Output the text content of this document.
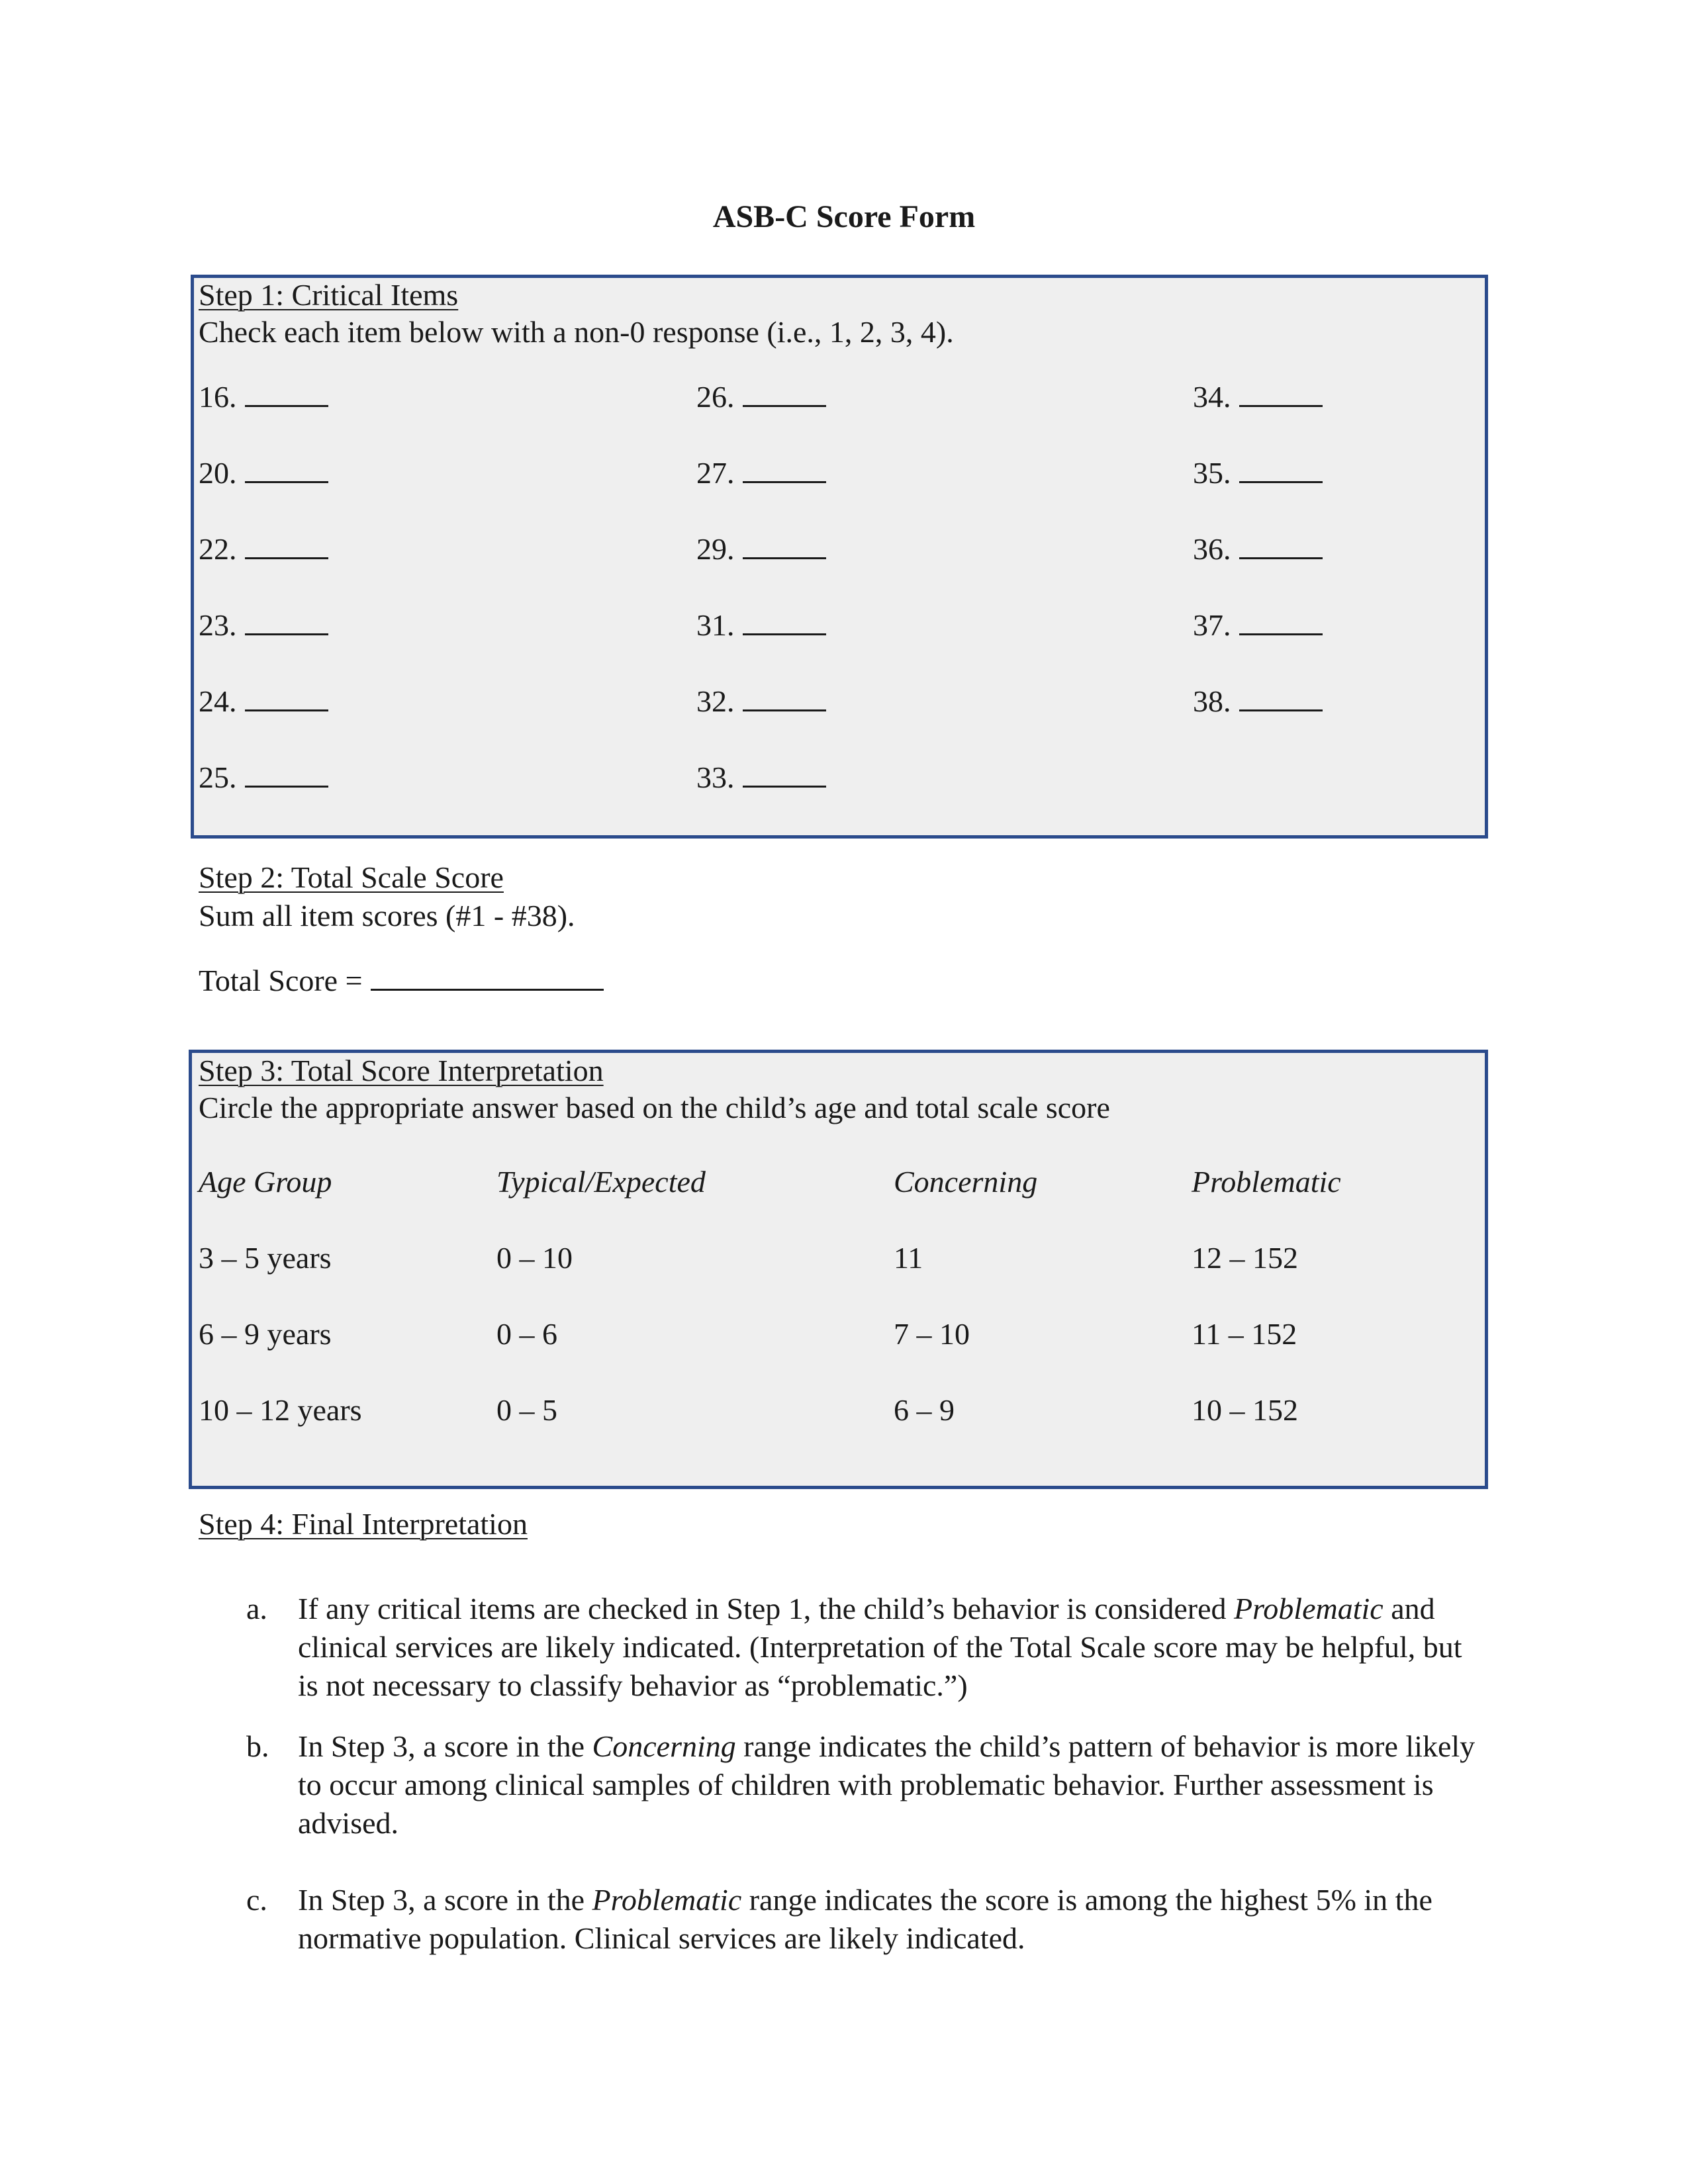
ASB-C Score Form
Step 1: Critical Items
Check each item below with a non-0 response (i.e., 1, 2, 3, 4).
16.
20.
22.
23.
24.
25.
26.
27.
29.
31.
32.
33.
34.
35.
36.
37.
38.
Step 2: Total Scale Score
Sum all item scores (#1 - #38).
Total Score =
Step 3: Total Score Interpretation
Circle the appropriate answer based on the child’s age and total scale score
Age Group	Typical/Expected	Concerning	Problematic
3 – 5 years	0 – 10	11	12 – 152
6 – 9 years	0 – 6	7 – 10	11 – 152
10 – 12 years	0 – 5	6 – 9	10 – 152
Step 4: Final Interpretation
a. If any critical items are checked in Step 1, the child’s behavior is considered Problematic and clinical services are likely indicated. (Interpretation of the Total Scale score may be helpful, but is not necessary to classify behavior as “problematic.”)
b. In Step 3, a score in the Concerning range indicates the child’s pattern of behavior is more likely to occur among clinical samples of children with problematic behavior. Further assessment is advised.
c. In Step 3, a score in the Problematic range indicates the score is among the highest 5% in the normative population. Clinical services are likely indicated.
